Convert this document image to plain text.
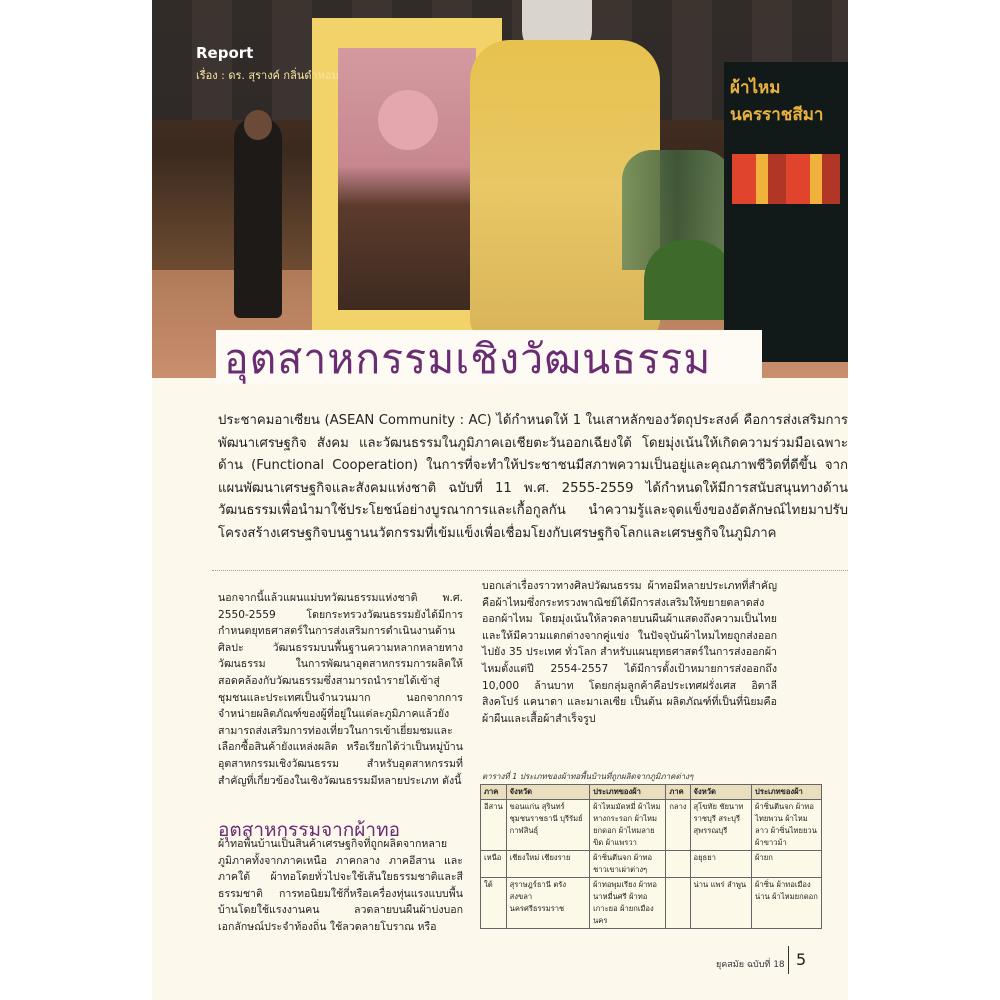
ผ้าไหมนครราชสีมา
Report
เรื่อง : ดร. สุรางค์ กลิ่นดำหอม
อุตสาหกรรมเชิงวัฒนธรรม
ประชาคมอาเซียน (ASEAN Community : AC) ได้กำหนดให้ 1 ในเสาหลักของวัตถุประสงค์ คือการส่งเสริมการพัฒนาเศรษฐกิจ สังคม และวัฒนธรรมในภูมิภาคเอเชียตะวันออกเฉียงใต้ โดยมุ่งเน้นให้เกิดความร่วมมือเฉพาะด้าน (Functional Cooperation) ในการที่จะทำให้ประชาชนมีสภาพความเป็นอยู่และคุณภาพชีวิตที่ดีขึ้น จากแผนพัฒนาเศรษฐกิจและสังคมแห่งชาติ ฉบับที่ 11 พ.ศ. 2555-2559 ได้กำหนดให้มีการสนับสนุนทางด้านวัฒนธรรมเพื่อนำมาใช้ประโยชน์อย่างบูรณาการและเกื้อกูลกัน นำความรู้และจุดแข็งของอัตลักษณ์ไทยมาปรับโครงสร้างเศรษฐกิจบนฐานนวัตกรรมที่เข้มแข็งเพื่อเชื่อมโยงกับเศรษฐกิจโลกและเศรษฐกิจในภูมิภาค
นอกจากนี้แล้วแผนแม่บทวัฒนธรรมแห่งชาติ พ.ศ. 2550-2559 โดยกระทรวงวัฒนธรรมยังได้มีการกำหนดยุทธศาสตร์ในการส่งเสริมการดำเนินงานด้านศิลปะ วัฒนธรรมบนพื้นฐานความหลากหลายทางวัฒนธรรม ในการพัฒนาอุตสาหกรรมการผลิตให้สอดคล้องกับวัฒนธรรมซึ่งสามารถนำรายได้เข้าสู่ชุมชนและประเทศเป็นจำนวนมาก นอกจากการจำหน่ายผลิตภัณฑ์ของผู้ที่อยู่ในแต่ละภูมิภาคแล้วยังสามารถส่งเสริมการท่องเที่ยวในการเข้าเยี่ยมชมและเลือกซื้อสินค้ายังแหล่งผลิต หรือเรียกได้ว่าเป็นหมู่บ้านอุตสาหกรรมเชิงวัฒนธรรม สำหรับอุตสาหกรรมที่สำคัญที่เกี่ยวข้องในเชิงวัฒนธรรมมีหลายประเภท ดังนี้
อุตสาหกรรมจากผ้าทอ
ผ้าทอพื้นบ้านเป็นสินค้าเศรษฐกิจที่ถูกผลิตจากหลายภูมิภาคทั้งจากภาคเหนือ ภาคกลาง ภาคอีสาน และภาคใต้ ผ้าทอโดยทั่วไปจะใช้เส้นใยธรรมชาติและสีธรรมชาติ การทอนิยมใช้กี่หรือเครื่องทุ่นแรงแบบพื้นบ้านโดยใช้แรงงานคน ลวดลายบนผืนผ้าบ่งบอกเอกลักษณ์ประจำท้องถิ่น ใช้ลวดลายโบราณ หรือ
บอกเล่าเรื่องราวทางศิลปวัฒนธรรม ผ้าทอมีหลายประเภทที่สำคัญคือผ้าไหมซึ่งกระทรวงพาณิชย์ได้มีการส่งเสริมให้ขยายตลาดส่งออกผ้าไหม โดยมุ่งเน้นให้ลวดลายบนผืนผ้าแสดงถึงความเป็นไทยและให้มีความแตกต่างจากคู่แข่ง ในปัจจุบันผ้าไหมไทยถูกส่งออกไปยัง 35 ประเทศ ทั่วโลก สำหรับแผนยุทธศาสตร์ในการส่งออกผ้าไหมตั้งแต่ปี 2554-2557 ได้มีการตั้งเป้าหมายการส่งออกถึง 10,000 ล้านบาท โดยกลุ่มลูกค้าคือประเทศฝรั่งเศส อิตาลี สิงคโปร์ แคนาดา และมาเลเซีย เป็นต้น ผลิตภัณฑ์ที่เป็นที่นิยมคือผ้าผืนและเสื้อผ้าสำเร็จรูป
ตารางที่ 1 ประเภทของผ้าทอพื้นบ้านที่ถูกผลิตจากภูมิภาคต่างๆ
ภาค	จังหวัด	ประเภทของผ้า	ภาค	จังหวัด	ประเภทของผ้า
อีสาน	ขอนแก่น สุรินทร์ ชุมชนราชธานี บุรีรัมย์ กาฬสินธุ์	ผ้าไหมมัดหมี่ ผ้าไหมหางกระรอก ผ้าไหมยกดอก ผ้าไหมลายขิด ผ้าแพรวา	กลาง	สุโขทัย ชัยนาท ราชบุรี สระบุรี สุพรรณบุรี	ผ้าซิ่นตีนจก ผ้าทอไทยพวน ผ้าไหมลาว ผ้าซิ่นไทยยวน ผ้าขาวม้า
เหนือ	เชียงใหม่ เชียงราย	ผ้าซิ่นตีนจก ผ้าทอชาวเขาเผ่าต่างๆ		อยุธยา	ผ้ายก
ใต้	สุราษฎร์ธานี ตรัง สงขลา นครศรีธรรมราช	ผ้าทอพุมเรียง ผ้าทอนาหมื่นศรี ผ้าทอเกาะยอ ผ้ายกเมืองนคร		น่าน แพร่ ลำพูน	ผ้าซิ่น ผ้าทอเมืองน่าน ผ้าไหมยกดอก
ยุคสมัย ฉบับที่ 18 5
